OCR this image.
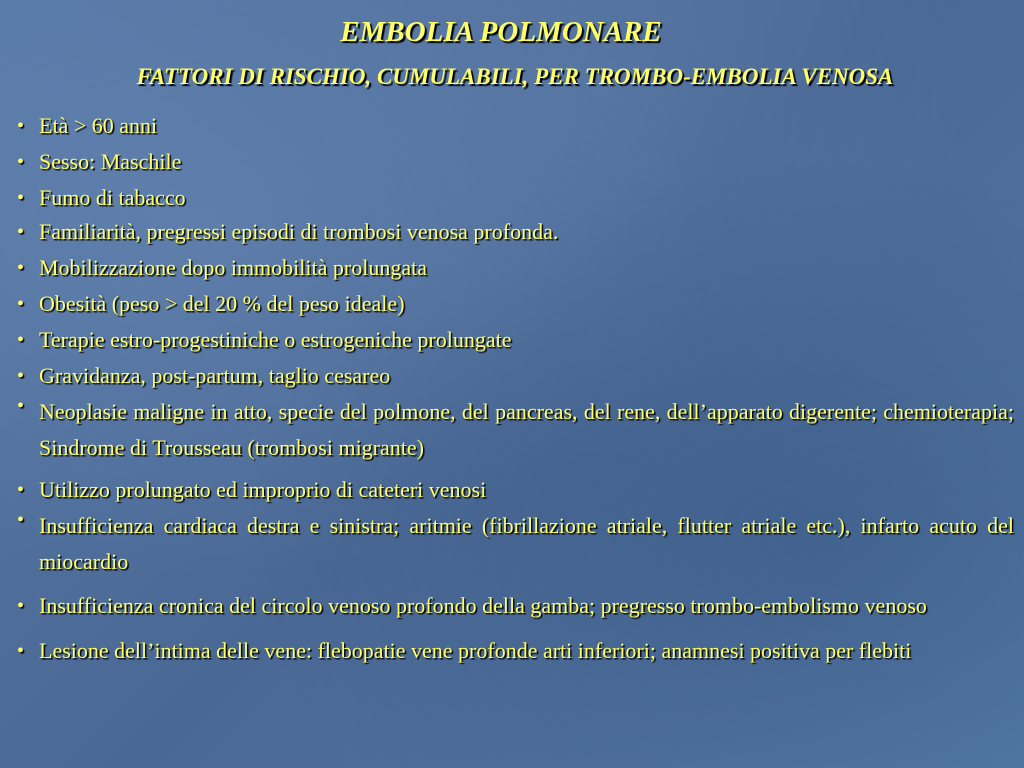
EMBOLIA POLMONARE
FATTORI DI RISCHIO, CUMULABILI, PER TROMBO-EMBOLIA VENOSA
• Età > 60 anni
• Sesso: Maschile
• Fumo di tabacco
• Familiarità, pregressi episodi di trombosi venosa profonda.
• Mobilizzazione dopo immobilità prolungata
• Obesità (peso > del 20 % del peso ideale)
• Terapie estro-progestiniche o estrogeniche prolungate
• Gravidanza, post-partum, taglio cesareo
• Neoplasie maligne in atto, specie del polmone, del pancreas, del rene, dell’apparato digerente; chemioterapia; Sindrome di Trousseau (trombosi migrante)
• Utilizzo prolungato ed improprio di cateteri venosi
• Insufficienza cardiaca destra e sinistra; aritmie (fibrillazione atriale, flutter atriale etc.), infarto acuto del miocardio
• Insufficienza cronica del circolo venoso profondo della gamba; pregresso trombo-embolismo venoso
• Lesione dell’intima delle vene: flebopatie vene profonde arti inferiori; anamnesi positiva per flebiti
